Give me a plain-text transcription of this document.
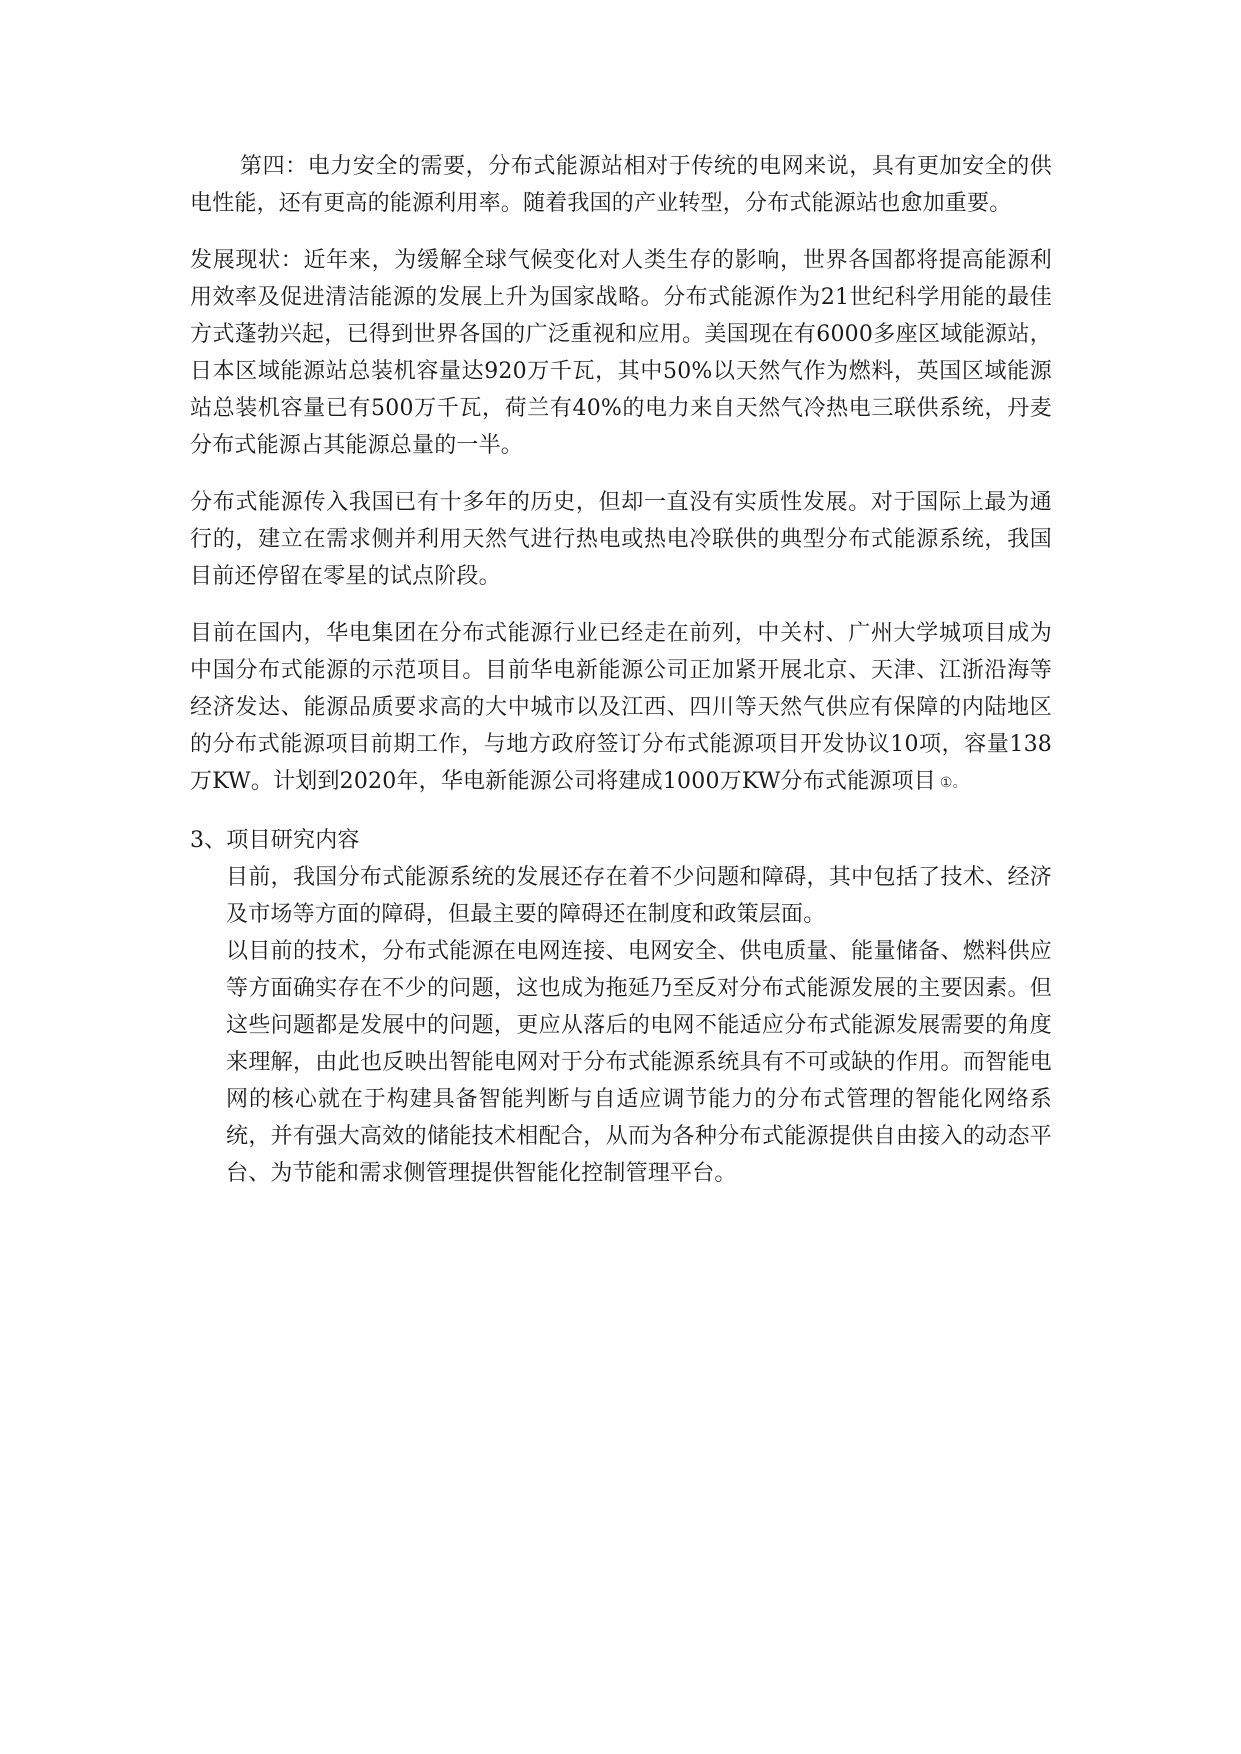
第四：电力安全的需要，分布式能源站相对于传统的电网来说，具有更加安全的供电性能，还有更高的能源利用率。随着我国的产业转型，分布式能源站也愈加重要。

发展现状：近年来，为缓解全球气候变化对人类生存的影响，世界各国都将提高能源利用效率及促进清洁能源的发展上升为国家战略。分布式能源作为21世纪科学用能的最佳方式蓬勃兴起，已得到世界各国的广泛重视和应用。美国现在有6000多座区域能源站，日本区域能源站总装机容量达920万千瓦，其中50%以天然气作为燃料，英国区域能源站总装机容量已有500万千瓦，荷兰有40%的电力来自天然气冷热电三联供系统，丹麦分布式能源占其能源总量的一半。

分布式能源传入我国已有十多年的历史，但却一直没有实质性发展。对于国际上最为通行的，建立在需求侧并利用天然气进行热电或热电冷联供的典型分布式能源系统，我国目前还停留在零星的试点阶段。

目前在国内，华电集团在分布式能源行业已经走在前列，中关村、广州大学城项目成为中国分布式能源的示范项目。目前华电新能源公司正加紧开展北京、天津、江浙沿海等经济发达、能源品质要求高的大中城市以及江西、四川等天然气供应有保障的内陆地区的分布式能源项目前期工作，与地方政府签订分布式能源项目开发协议10项，容量138万KW。计划到2020年，华电新能源公司将建成1000万KW分布式能源项目 ①。

3、项目研究内容

目前，我国分布式能源系统的发展还存在着不少问题和障碍，其中包括了技术、经济及市场等方面的障碍，但最主要的障碍还在制度和政策层面。

以目前的技术，分布式能源在电网连接、电网安全、供电质量、能量储备、燃料供应等方面确实存在不少的问题，这也成为拖延乃至反对分布式能源发展的主要因素。但这些问题都是发展中的问题，更应从落后的电网不能适应分布式能源发展需要的角度来理解，由此也反映出智能电网对于分布式能源系统具有不可或缺的作用。而智能电网的核心就在于构建具备智能判断与自适应调节能力的分布式管理的智能化网络系统，并有强大高效的储能技术相配合，从而为各种分布式能源提供自由接入的动态平台、为节能和需求侧管理提供智能化控制管理平台。
